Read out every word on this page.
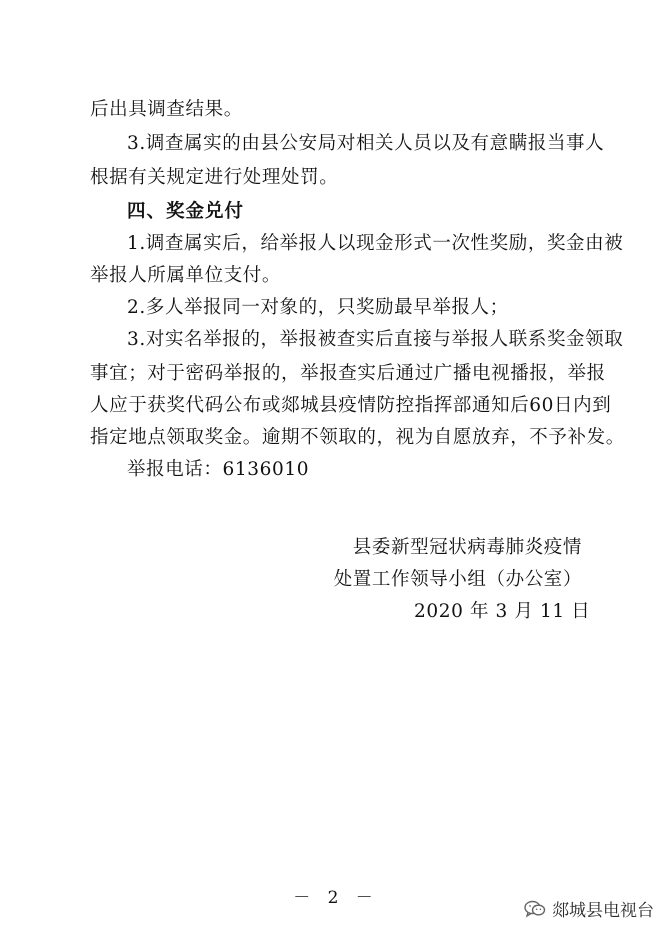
后出具调查结果。
3.调查属实的由县公安局对相关人员以及有意瞒报当事人
根据有关规定进行处理处罚。
四、奖金兑付
1.调查属实后，给举报人以现金形式一次性奖励，奖金由被
举报人所属单位支付。
2.多人举报同一对象的，只奖励最早举报人；
3.对实名举报的，举报被查实后直接与举报人联系奖金领取
事宜；对于密码举报的，举报查实后通过广播电视播报，举报
人应于获奖代码公布或郯城县疫情防控指挥部通知后60日内到
指定地点领取奖金。逾期不领取的，视为自愿放弃，不予补发。
举报电话：6136010
县委新型冠状病毒肺炎疫情
处置工作领导小组（办公室）
2020 年 3 月 11 日
－ 2 －
郯城县电视台
